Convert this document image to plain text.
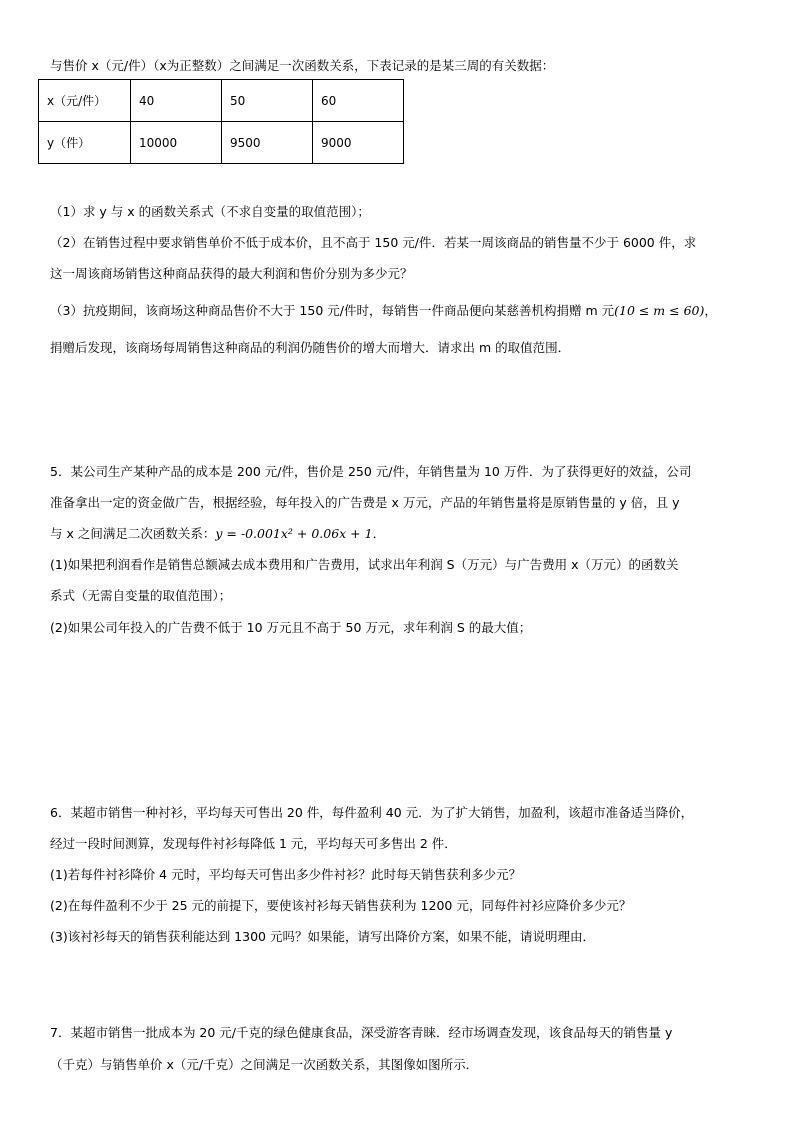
与售价 x（元/件）（x为正整数）之间满足一次函数关系，下表记录的是某三周的有关数据：
x（元/件）	40	50	60
y（件）	10000	9500	9000
（1）求 y 与 x 的函数关系式（不求自变量的取值范围）；
（2）在销售过程中要求销售单价不低于成本价，且不高于 150 元/件．若某一周该商品的销售量不少于 6000 件，求
这一周该商场销售这种商品获得的最大利润和售价分别为多少元？
（3）抗疫期间，该商场这种商品售价不大于 150 元/件时，每销售一件商品便向某慈善机构捐赠 m 元(10 ≤ m ≤ 60)，
捐赠后发现，该商场每周销售这种商品的利润仍随售价的增大而增大．请求出 m 的取值范围．
5．某公司生产某种产品的成本是 200 元/件，售价是 250 元/件，年销售量为 10 万件．为了获得更好的效益，公司
准备拿出一定的资金做广告，根据经验，每年投入的广告费是 x 万元，产品的年销售量将是原销售量的 y 倍，且 y
与 x 之间满足二次函数关系：y = -0.001x² + 0.06x + 1．
(1)如果把利润看作是销售总额减去成本费用和广告费用，试求出年利润 S（万元）与广告费用 x（万元）的函数关
系式（无需自变量的取值范围）；
(2)如果公司年投入的广告费不低于 10 万元且不高于 50 万元，求年利润 S 的最大值；
6．某超市销售一种衬衫，平均每天可售出 20 件，每件盈利 40 元．为了扩大销售，加盈利，该超市准备适当降价，
经过一段时间测算，发现每件衬衫每降低 1 元，平均每天可多售出 2 件．
(1)若每件衬衫降价 4 元时，平均每天可售出多少件衬衫？此时每天销售获利多少元？
(2)在每件盈利不少于 25 元的前提下，要使该衬衫每天销售获利为 1200 元，同每件衬衫应降价多少元？
(3)该衬衫每天的销售获利能达到 1300 元吗？如果能，请写出降价方案，如果不能，请说明理由．
7．某超市销售一批成本为 20 元/千克的绿色健康食品，深受游客青睐．经市场调查发现，该食品每天的销售量 y
（千克）与销售单价 x（元/千克）之间满足一次函数关系，其图像如图所示．
